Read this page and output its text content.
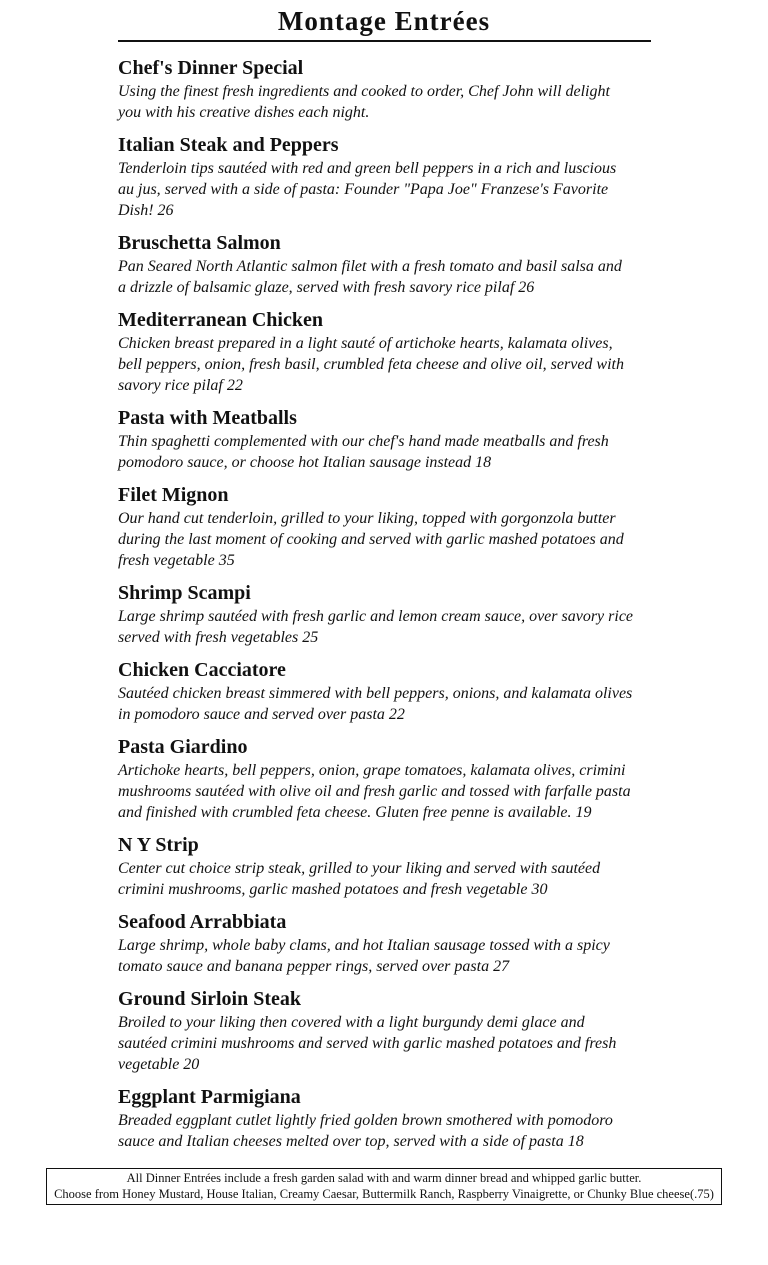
Montage Entrées
Chef's Dinner Special
Using the finest fresh ingredients and cooked to order, Chef John will delight
you with his creative dishes each night.
Italian Steak and Peppers
Tenderloin tips sautéed with red and green bell peppers in a rich and luscious
au jus, served with a side of pasta: Founder "Papa Joe" Franzese's Favorite
Dish! 26
Bruschetta Salmon
Pan Seared North Atlantic salmon filet with a fresh tomato and basil salsa and
a drizzle of balsamic glaze, served with fresh savory rice pilaf 26
Mediterranean Chicken
Chicken breast prepared in a light sauté of artichoke hearts, kalamata olives,
bell peppers, onion, fresh basil, crumbled feta cheese and olive oil, served with
savory rice pilaf 22
Pasta with Meatballs
Thin spaghetti complemented with our chef's hand made meatballs and fresh
pomodoro sauce, or choose hot Italian sausage instead 18
Filet Mignon
Our hand cut tenderloin, grilled to your liking, topped with gorgonzola butter
during the last moment of cooking and served with garlic mashed potatoes and
fresh vegetable 35
Shrimp Scampi
Large shrimp sautéed with fresh garlic and lemon cream sauce, over savory rice
served with fresh vegetables 25
Chicken Cacciatore
Sautéed chicken breast simmered with bell peppers, onions, and kalamata olives
in pomodoro sauce and served over pasta 22
Pasta Giardino
Artichoke hearts, bell peppers, onion, grape tomatoes, kalamata olives, crimini
mushrooms sautéed with olive oil and fresh garlic and tossed with farfalle pasta
and finished with crumbled feta cheese. Gluten free penne is available. 19
N Y Strip
Center cut choice strip steak, grilled to your liking and served with sautéed
crimini mushrooms, garlic mashed potatoes and fresh vegetable 30
Seafood Arrabbiata
Large shrimp, whole baby clams, and hot Italian sausage tossed with a spicy
tomato sauce and banana pepper rings, served over pasta 27
Ground Sirloin Steak
Broiled to your liking then covered with a light burgundy demi glace and
sautéed crimini mushrooms and served with garlic mashed potatoes and fresh
vegetable 20
Eggplant Parmigiana
Breaded eggplant cutlet lightly fried golden brown smothered with pomodoro
sauce and Italian cheeses melted over top, served with a side of pasta 18
All Dinner Entrées include a fresh garden salad with and warm dinner bread and whipped garlic butter.
Choose from Honey Mustard, House Italian, Creamy Caesar, Buttermilk Ranch, Raspberry Vinaigrette, or Chunky Blue cheese(.75)
